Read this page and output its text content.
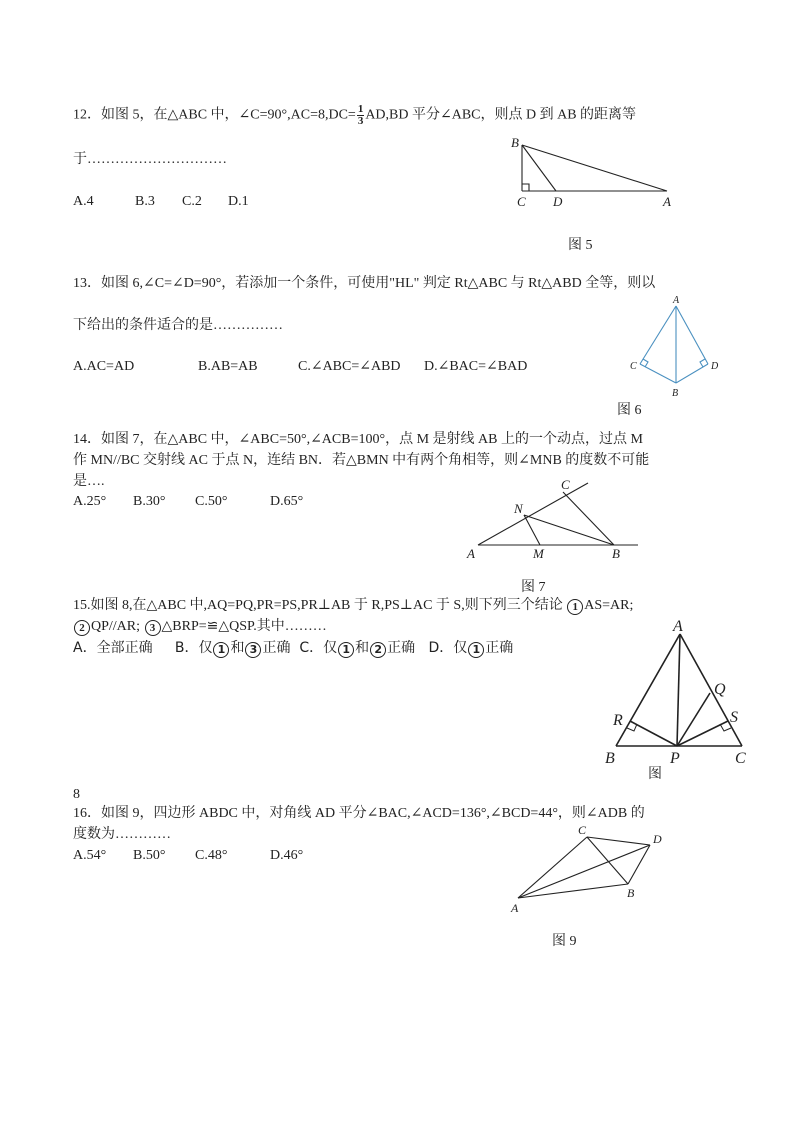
12．如图 5，在△ABC 中，∠C=90°,AC=8,DC= $\frac{1}{3} AD,BD$ 平分∠ABC，则点 D 到 AB 的距离等
于…………………………
A.4	B.3 C.2 D.1
B
C D	A
图 5
13．如图 6,∠C=∠D=90°，若添加一个条件，可使用"HL" 判定 Rt△ABC 与 Rt△ABD 全等，则以
下给出的条件适合的是……………
A.AC=AD	B.AB=AB	C.∠ABC=∠ABD D.∠BAC=∠BAD
A
C	D
B
图 6
14．如图 7，在△ABC 中，∠ABC=50°,∠ACB=100°，点 M 是射线 AB 上的一个动点，过点 M
作 MN//BC 交射线 AC 于点 N，连结 BN．若△BMN 中有两个角相等，则∠MNB 的度数不可能
是….
A.25° B.30° C.50°	D.65°
C
N
A	M	B
图 7
15.如图 8,在△ABC 中,AQ=PQ,PR=PS,PR⊥AB 于 R,PS⊥AC 于 S,则下列三个结论 1 AS=AR;
2 QP//AR; 3 △BRP=≌△QSP.其中………
A．全部正确 B．仅 1 和 3 正确 C．仅 1 和 2 正确 D．仅 1 正确
A
Q
R	S
B	P	C
图
8
16．如图 9，四边形 ABDC 中，对角线 AD 平分∠BAC,∠ACD=136°,∠BCD=44°，则∠ADB 的
度数为…………
A.54° B.50° C.48°	D.46°
C
D
A
B
图 9
